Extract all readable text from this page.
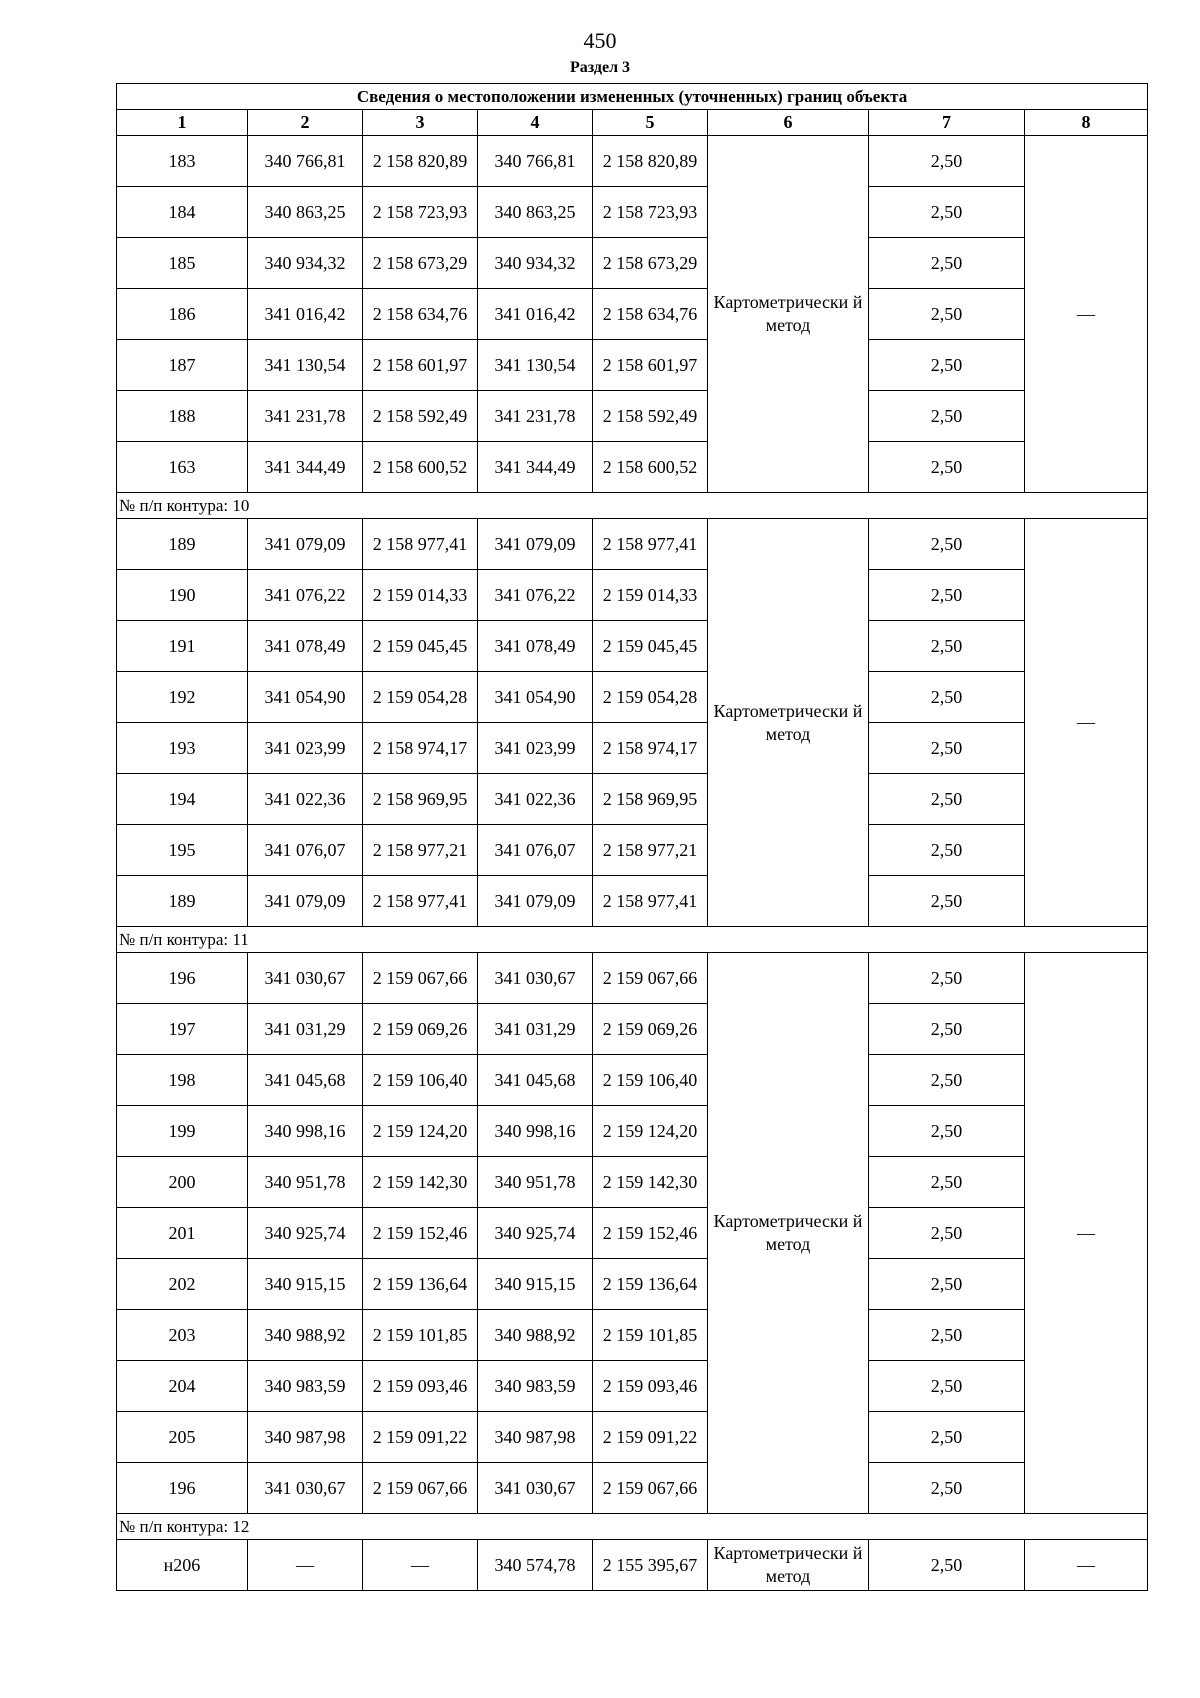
450
Раздел 3
Сведения о местоположении измененных (уточненных) границ объекта							
1	2	3	4	5	6	7	8
183	340 766,81	2 158 820,89	340 766,81	2 158 820,89	Картометрически й метод	2,50	—
184	340 863,25	2 158 723,93	340 863,25	2 158 723,93		2,50	
185	340 934,32	2 158 673,29	340 934,32	2 158 673,29		2,50	
186	341 016,42	2 158 634,76	341 016,42	2 158 634,76		2,50	
187	341 130,54	2 158 601,97	341 130,54	2 158 601,97		2,50	
188	341 231,78	2 158 592,49	341 231,78	2 158 592,49		2,50	
163	341 344,49	2 158 600,52	341 344,49	2 158 600,52		2,50	
№ п/п контура: 10							
189	341 079,09	2 158 977,41	341 079,09	2 158 977,41	Картометрически й метод	2,50	—
190	341 076,22	2 159 014,33	341 076,22	2 159 014,33		2,50	
191	341 078,49	2 159 045,45	341 078,49	2 159 045,45		2,50	
192	341 054,90	2 159 054,28	341 054,90	2 159 054,28		2,50	
193	341 023,99	2 158 974,17	341 023,99	2 158 974,17		2,50	
194	341 022,36	2 158 969,95	341 022,36	2 158 969,95		2,50	
195	341 076,07	2 158 977,21	341 076,07	2 158 977,21		2,50	
189	341 079,09	2 158 977,41	341 079,09	2 158 977,41		2,50	
№ п/п контура: 11							
196	341 030,67	2 159 067,66	341 030,67	2 159 067,66	Картометрически й метод	2,50	—
197	341 031,29	2 159 069,26	341 031,29	2 159 069,26		2,50	
198	341 045,68	2 159 106,40	341 045,68	2 159 106,40		2,50	
199	340 998,16	2 159 124,20	340 998,16	2 159 124,20		2,50	
200	340 951,78	2 159 142,30	340 951,78	2 159 142,30		2,50	
201	340 925,74	2 159 152,46	340 925,74	2 159 152,46		2,50	
202	340 915,15	2 159 136,64	340 915,15	2 159 136,64		2,50	
203	340 988,92	2 159 101,85	340 988,92	2 159 101,85		2,50	
204	340 983,59	2 159 093,46	340 983,59	2 159 093,46		2,50	
205	340 987,98	2 159 091,22	340 987,98	2 159 091,22		2,50	
196	341 030,67	2 159 067,66	341 030,67	2 159 067,66		2,50	
№ п/п контура: 12							
н206	—	—	340 574,78	2 155 395,67	Картометрически й метод	2,50	—
